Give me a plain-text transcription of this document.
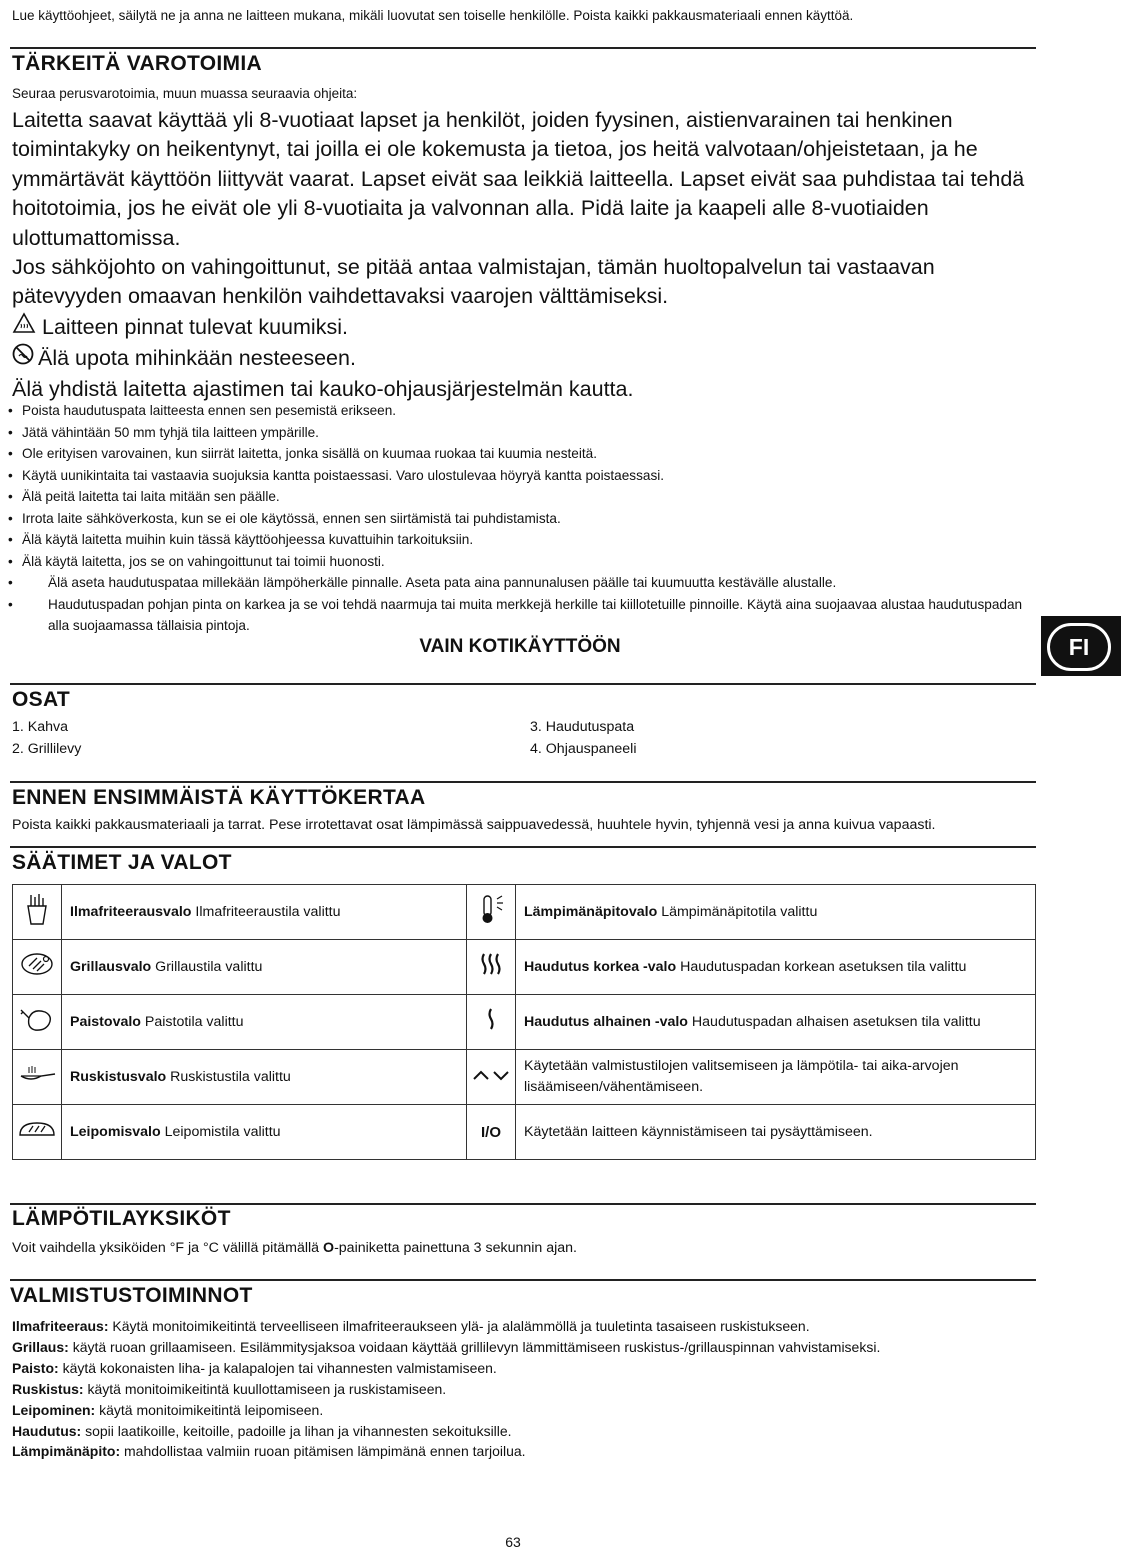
Lue käyttöohjeet, säilytä ne ja anna ne laitteen mukana, mikäli luovutat sen toiselle henkilölle. Poista kaikki pakkausmateriaali ennen käyttöä.
TÄRKEITÄ VAROTOIMIA
Seuraa perusvarotoimia, muun muassa seuraavia ohjeita:

Laitetta saavat käyttää yli 8-vuotiaat lapset ja henkilöt, joiden fyysinen, aistienvarainen tai henkinen toimintakyky on heikentynyt, tai joilla ei ole kokemusta ja tietoa, jos heitä valvotaan/ohjeistetaan, ja he ymmärtävät käyttöön liittyvät vaarat. Lapset eivät saa leikkiä laitteella. Lapset eivät saa puhdistaa tai tehdä hoitotoimia, jos he eivät ole yli 8-vuotiaita ja valvonnan alla. Pidä laite ja kaapeli alle 8-vuotiaiden ulottumattomissa.

Jos sähköjohto on vahingoittunut, se pitää antaa valmistajan, tämän huoltopalvelun tai vastaavan pätevyyden omaavan henkilön vaihdettavaksi vaarojen välttämiseksi.

Laitteen pinnat tulevat kuumiksi.

Älä upota mihinkään nesteeseen.

Älä yhdistä laitetta ajastimen tai kauko-ohjausjärjestelmän kautta.

• Poista haudutuspata laitteesta ennen sen pesemistä erikseen.
• Jätä vähintään 50 mm tyhjä tila laitteen ympärille.
• Ole erityisen varovainen, kun siirrät laitetta, jonka sisällä on kuumaa ruokaa tai kuumia nesteitä.
• Käytä uunikintaita tai vastaavia suojuksia kantta poistaessasi. Varo ulostulevaa höyryä kantta poistaessasi.
• Älä peitä laitetta tai laita mitään sen päälle.
• Irrota laite sähköverkosta, kun se ei ole käytössä, ennen sen siirtämistä tai puhdistamista.
• Älä käytä laitetta muihin kuin tässä käyttöohjeessa kuvattuihin tarkoituksiin.
• Älä käytä laitetta, jos se on vahingoittunut tai toimii huonosti.
•	Älä aseta haudutuspataa millekään lämpöherkälle pinnalle. Aseta pata aina pannunalusen päälle tai kuumuutta kestävälle alustalle.
•	Haudutuspadan pohjan pinta on karkea ja se voi tehdä naarmuja tai muita merkkejä herkille tai kiillotetuille pinnoille. Käytä aina suojaavaa alustaa haudutuspadan alla suojaamassa tällaisia pintoja.
VAIN KOTIKÄYTTÖÖN	FI
OSAT
1. Kahva
2. Grillilevy
3. Haudutuspata
4. Ohjauspaneeli
ENNEN ENSIMMÄISTÄ KÄYTTÖKERTAA
Poista kaikki pakkausmateriaali ja tarrat. Pese irrotettavat osat lämpimässä saippuavedessä, huuhtele hyvin, tyhjennä vesi ja anna kuivua vapaasti.
SÄÄTIMET JA VALOT
	Ilmafriteerausvalo Ilmafriteeraustila valittu		Lämpimänäpitovalo Lämpimänäpitotila valittu
	Grillausvalo Grillaustila valittu		Haudutus korkea -valo Haudutuspadan korkean asetuksen tila valittu
	Paistovalo Paistotila valittu		Haudutus alhainen -valo Haudutuspadan alhaisen asetuksen tila valittu
	Ruskistusvalo Ruskistustila valittu		Käytetään valmistustilojen valitsemiseen ja lämpötila- tai aika-arvojen lisäämiseen/vähentämiseen.
	Leipomisvalo Leipomistila valittu	I/O	Käytetään laitteen käynnistämiseen tai pysäyttämiseen.
LÄMPÖTILAYKSIKÖT
Voit vaihdella yksiköiden °F ja °C välillä pitämällä O-painiketta painettuna 3 sekunnin ajan.
VALMISTUSTOIMINNOT
Ilmafriteeraus: Käytä monitoimikeitintä terveelliseen ilmafriteeraukseen ylä- ja alalämmöllä ja tuuletinta tasaiseen ruskistukseen.
Grillaus: käytä ruoan grillaamiseen. Esilämmitysjaksoa voidaan käyttää grillilevyn lämmittämiseen ruskistus-/grillauspinnan vahvistamiseksi.
Paisto: käytä kokonaisten liha- ja kalapalojen tai vihannesten valmistamiseen.
Ruskistus: käytä monitoimikeitintä kuullottamiseen ja ruskistamiseen.
Leipominen: käytä monitoimikeitintä leipomiseen.
Haudutus: sopii laatikoille, keitoille, padoille ja lihan ja vihannesten sekoituksille.
Lämpimänäpito: mahdollistaa valmiin ruoan pitämisen lämpimänä ennen tarjoilua.
63
